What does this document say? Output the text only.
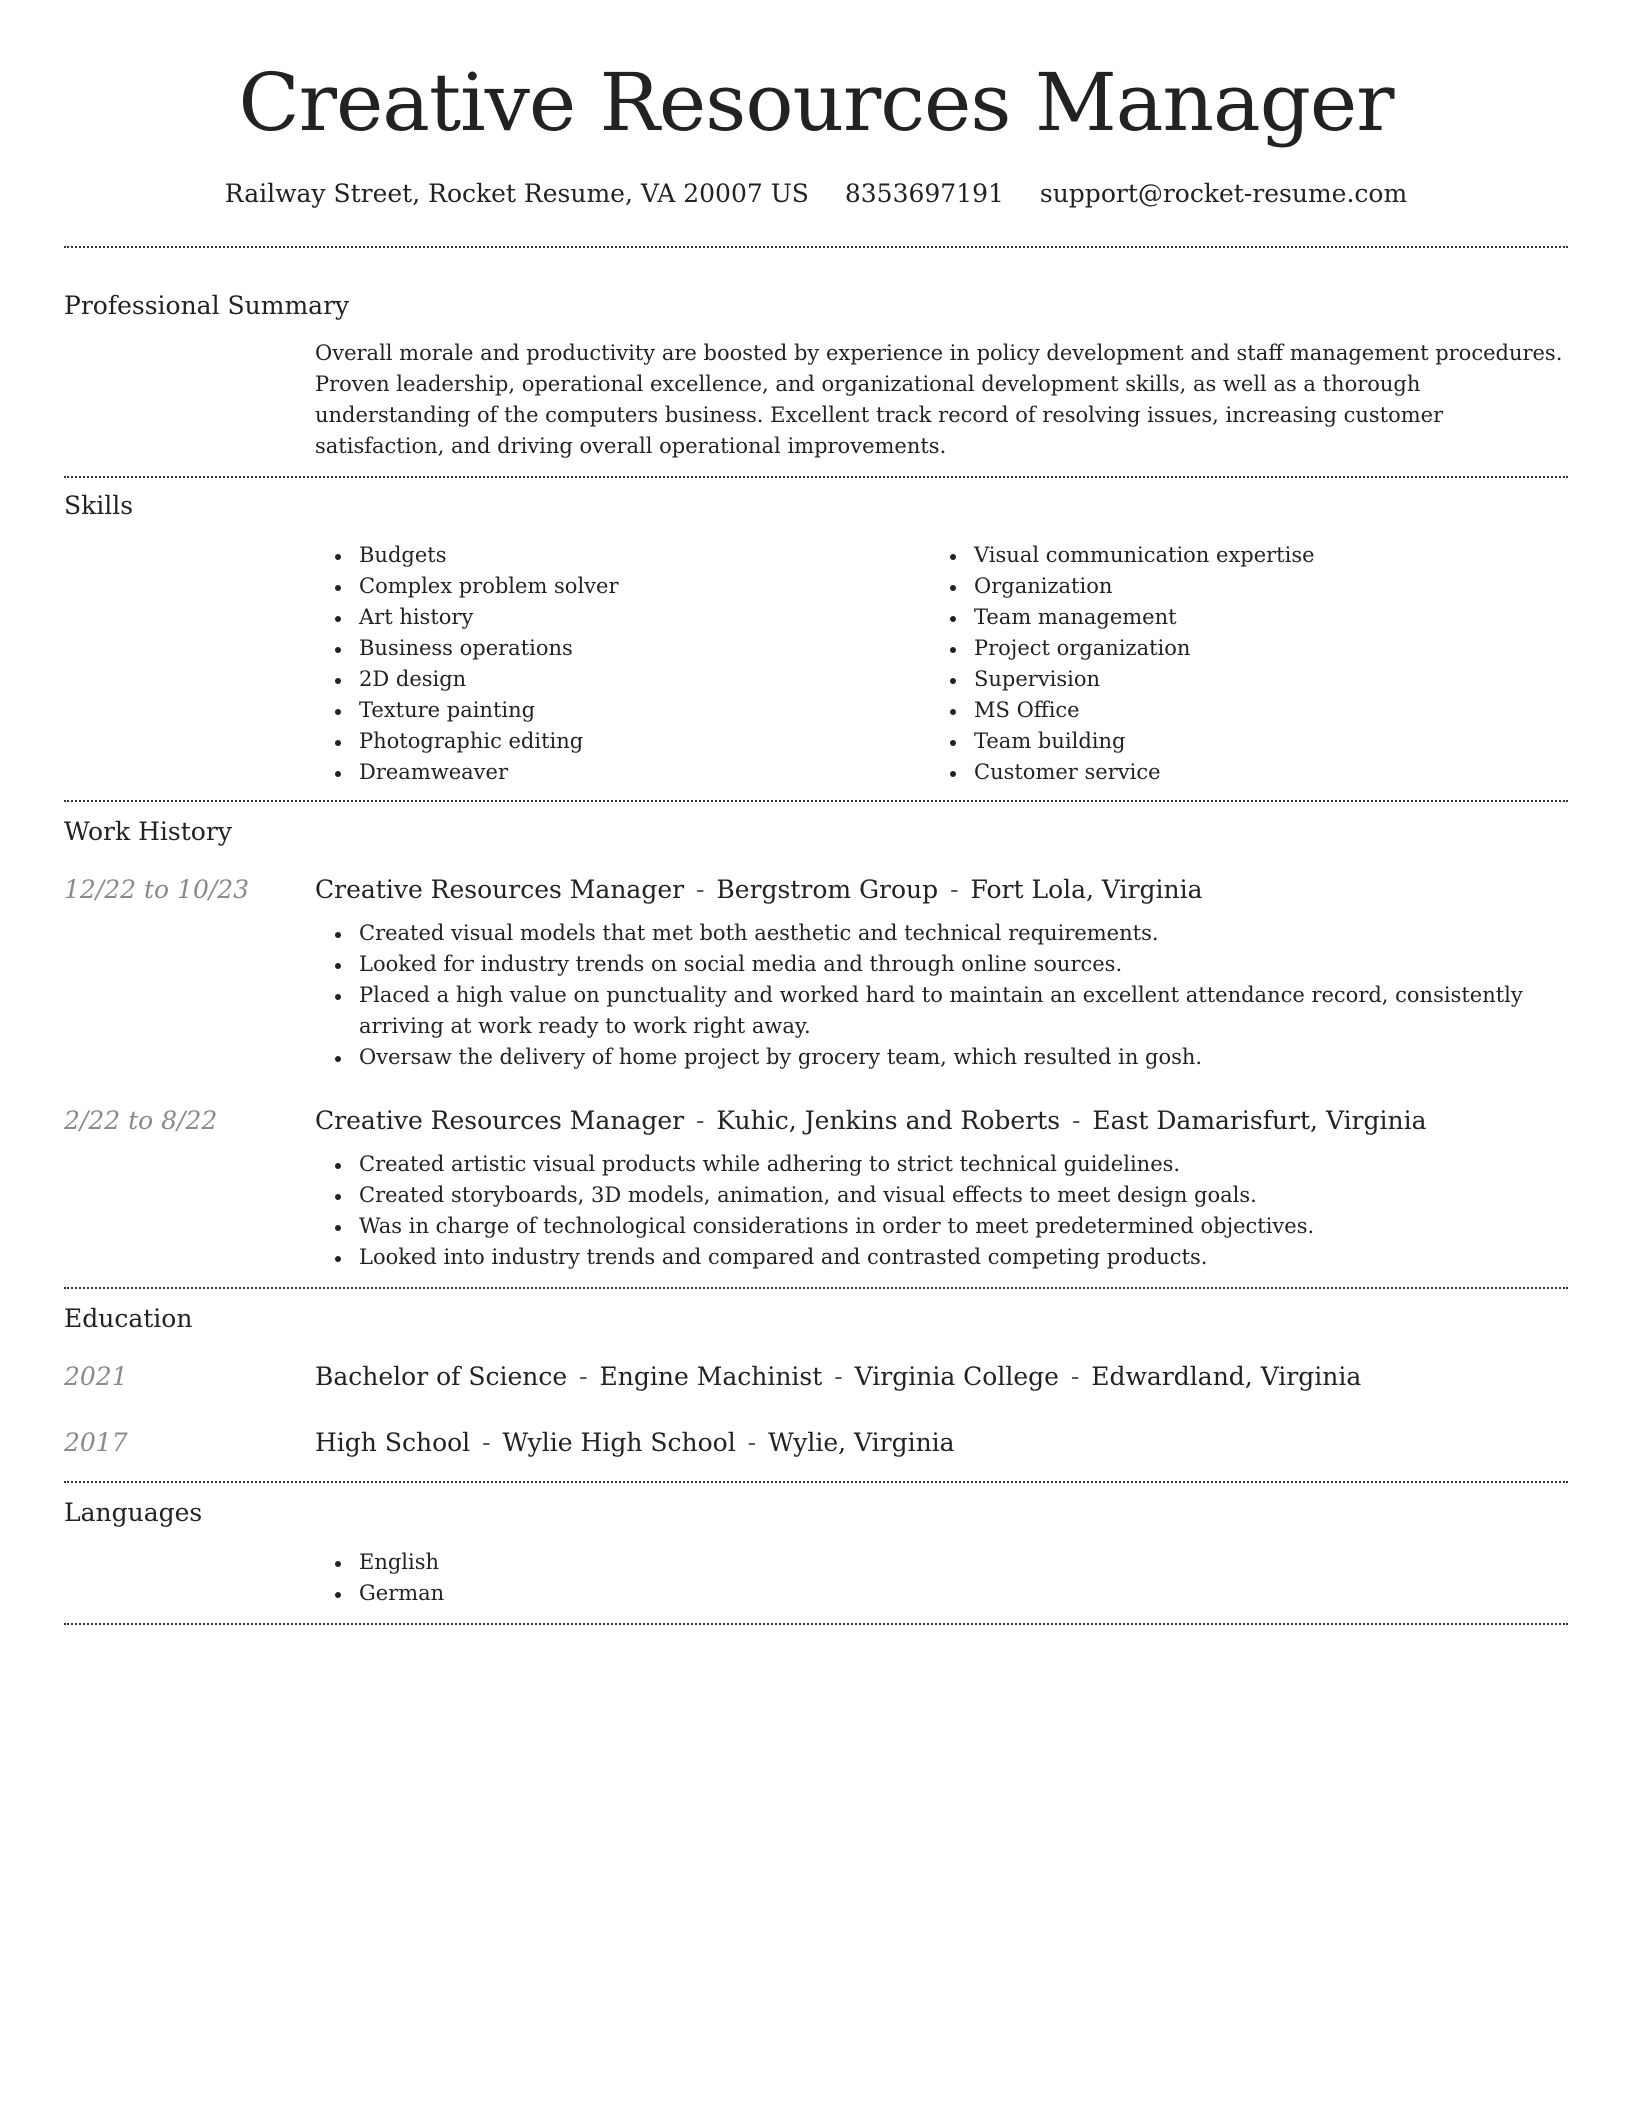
Creative Resources Manager
Railway Street, Rocket Resume, VA 20007 US 8353697191 support@rocket-resume.com
Professional Summary

Overall morale and productivity are boosted by experience in policy development and staff management procedures. Proven leadership, operational excellence, and organizational development skills, as well as a thorough understanding of the computers business. Excellent track record of resolving issues, increasing customer satisfaction, and driving overall operational improvements.

Skills
Budgets
Complex problem solver
Art history
Business operations
2D design
Texture painting
Photographic editing
Dreamweaver
Visual communication expertise
Organization
Team management
Project organization
Supervision
MS Office
Team building
Customer service
Work History
12/22 to 10/23	Creative Resources Manager - Bergstrom Group - Fort Lola, Virginia
Created visual models that met both aesthetic and technical requirements.
Looked for industry trends on social media and through online sources.
Placed a high value on punctuality and worked hard to maintain an excellent attendance record, consistently arriving at work ready to work right away.
Oversaw the delivery of home project by grocery team, which resulted in gosh.
2/22 to 8/22	Creative Resources Manager - Kuhic, Jenkins and Roberts - East Damarisfurt, Virginia
Created artistic visual products while adhering to strict technical guidelines.
Created storyboards, 3D models, animation, and visual effects to meet design goals.
Was in charge of technological considerations in order to meet predetermined objectives.
Looked into industry trends and compared and contrasted competing products.
Education
2021	Bachelor of Science - Engine Machinist - Virginia College - Edwardland, Virginia
2017	High School - Wylie High School - Wylie, Virginia
Languages
English
German
